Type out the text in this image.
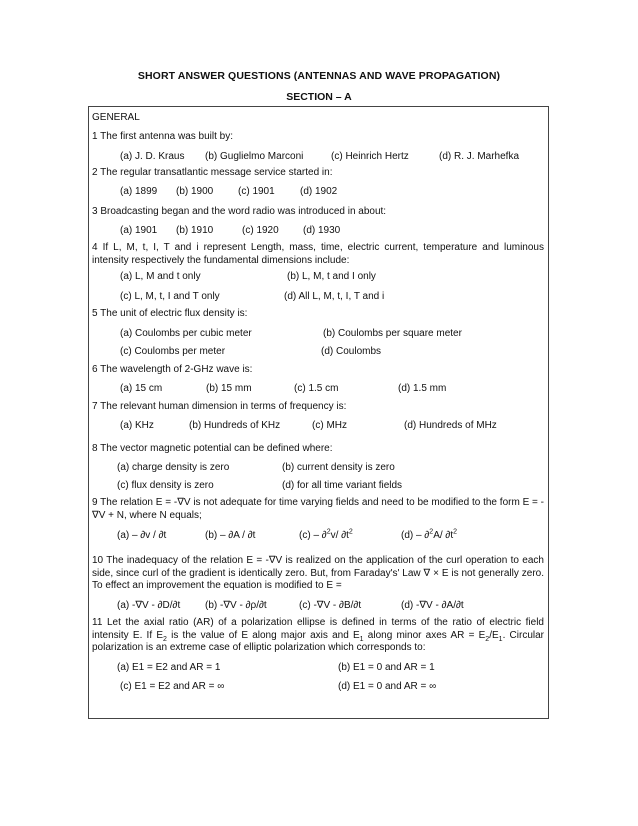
SHORT ANSWER QUESTIONS (ANTENNAS AND WAVE PROPAGATION)
SECTION – A
GENERAL
1 The first antenna was built by:
(a) J. D. Kraus (b) Guglielmo Marconi	(c) Heinrich Hertz	(d) R. J. Marhefka
2 The regular transatlantic message service started in:
(a) 1899 (b) 1900 (c) 1901	(d) 1902
3 Broadcasting began and the word radio was introduced in about:
(a) 1901 (b) 1910	(c) 1920 (d) 1930
4 If L, M, t, I, T and i represent Length, mass, time, electric current, temperature and luminous intensity respectively the fundamental dimensions include:
(a) L, M and t only	(b) L, M, t and I only
(c) L, M, t, I and T only	(d) All L, M, t, I, T and i
5 The unit of electric flux density is:
(a) Coulombs per cubic meter	(b) Coulombs per square meter
(c) Coulombs per meter	(d) Coulombs
6 The wavelength of 2-GHz wave is:
(a) 15 cm	(b) 15 mm	(c) 1.5 cm	(d) 1.5 mm
7 The relevant human dimension in terms of frequency is:
(a) KHz	(b) Hundreds of KHz	(c) MHz	(d) Hundreds of MHz
8 The vector magnetic potential can be defined where:
(a) charge density is zero	(b) current density is zero
(c) flux density is zero	(d) for all time variant fields
9 The relation E = -∇V is not adequate for time varying fields and need to be modified to the form E = - ∇V + N, where N equals;
(a) – ∂v / ∂t	(b) – ∂A / ∂t	(c) – ∂$^2$v/ $\partial t^2$	(d) – ∂$^2$A/ $\partial t^2$
10 The inadequacy of the relation E = -∇V is realized on the application of the curl operation to each side, since curl of the gradient is identically zero. But, from Faraday's' Law ∇ × E is not generally zero. To effect an improvement the equation is modified to E =
(a) -∇V - ∂D/∂t (b) -∇V - ∂ρ/∂t	(c) -∇V - ∂B/∂t	(d) -∇V - ∂A/∂t
11 Let the axial ratio (AR) of a polarization ellipse is defined in terms of the ratio of electric field intensity E. If $E_2$ is the value of E along major axis and $E_1$ along minor axes AR = $E_2/E_1$. Circular polarization is an extreme case of elliptic polarization which corresponds to:
(a) E1 = E2 and AR = 1	(b) E1 = 0 and AR = 1
(c) E1 = E2 and AR = ∞	(d) E1 = 0 and AR = ∞
